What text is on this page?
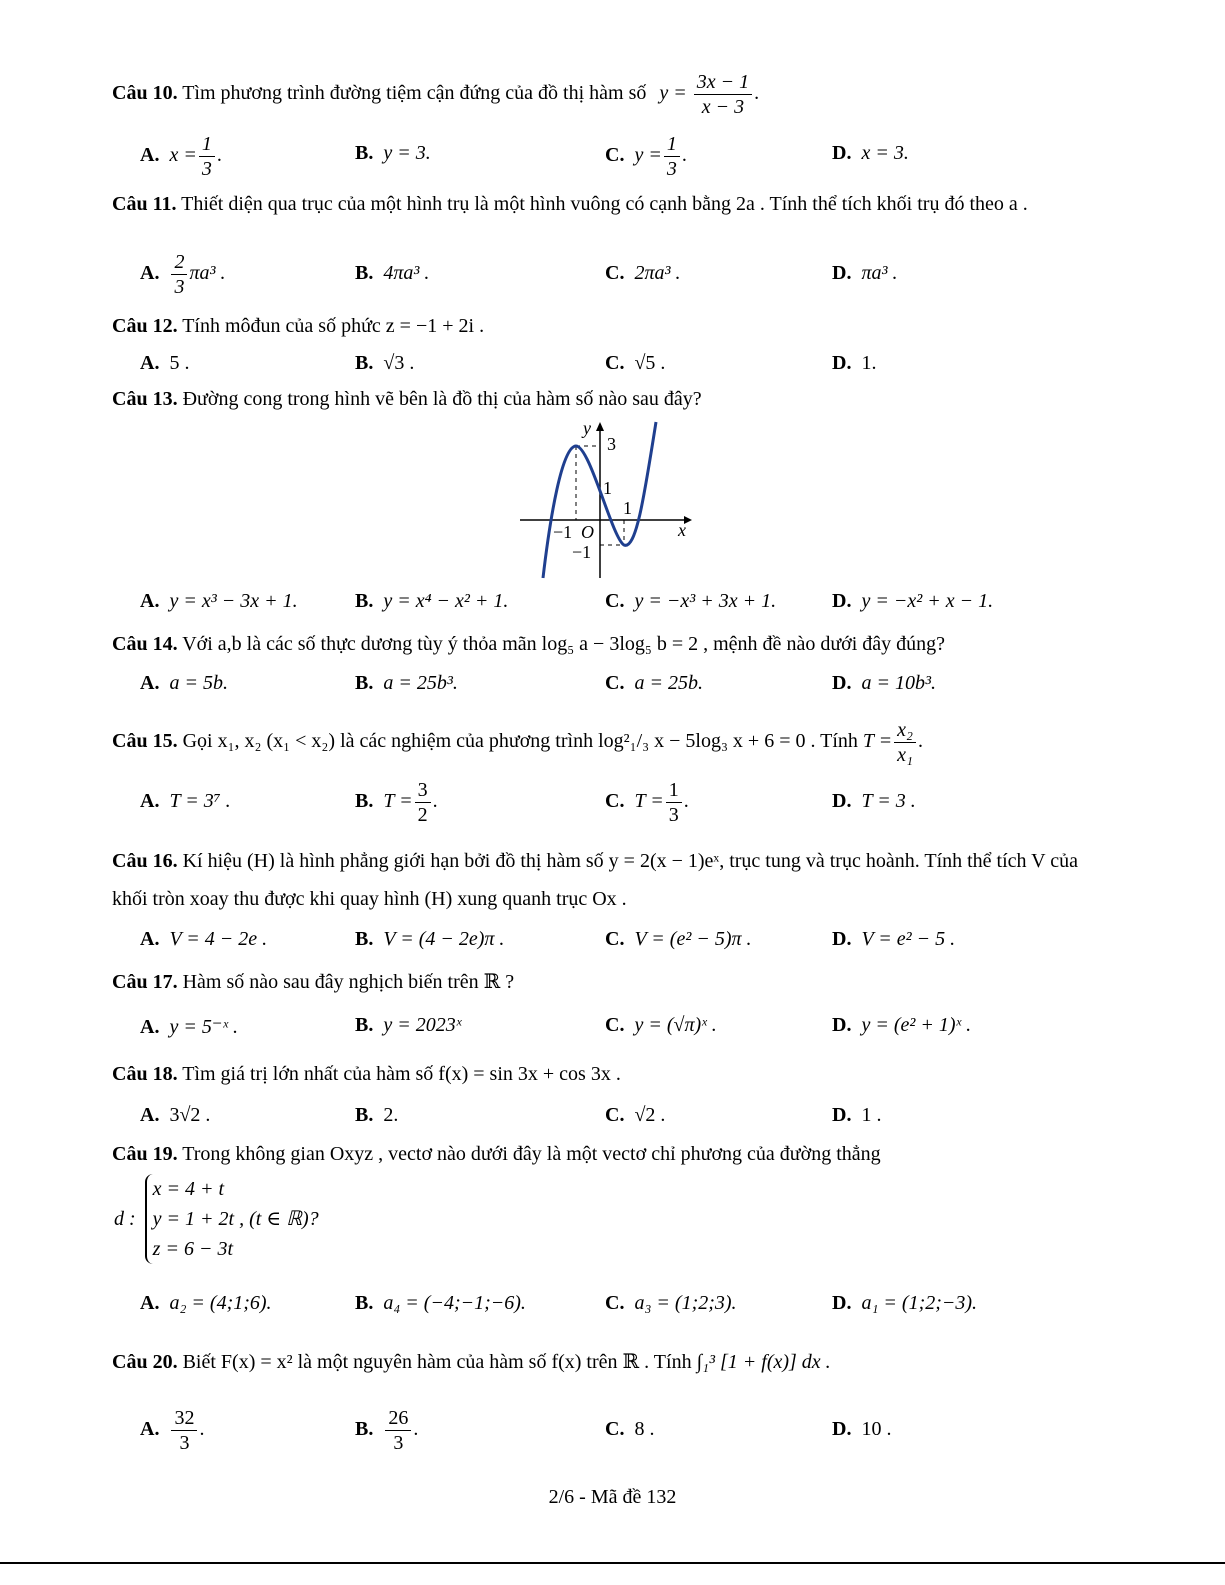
Câu 10. Tìm phương trình đường tiệm cận đứng của đồ thị hàm số $y = \frac{3x - 1}{x - 3}$ .
A. $x = \frac{1}{3}$ .	B. y = 3.	C. $y = \frac{1}{3}$ .	D. x = 3.
Câu 11. Thiết diện qua trục của một hình trụ là một hình vuông có cạnh bằng 2a . Tính thể tích khối trụ đó theo a .
A. $\frac{2}{3} \pi a^3$ .	B. 4πa³ .	C. 2πa³ .	D. πa³ .
Câu 12. Tính môđun của số phức z = −1 + 2i .
A. 5 .	B. √3 .	C. √5 .	D. 1.
Câu 13. Đường cong trong hình vẽ bên là đồ thị của hàm số nào sau đây?
y
3
1
1
−1 O
−1
x
A. y = x³ − 3x + 1.	B. y = x⁴ − x² + 1.	C. y = −x³ + 3x + 1.	D. y = −x² + x − 1.
Câu 14. Với a,b là các số thực dương tùy ý thỏa mãn log₅ a − 3log₅ b = 2 , mệnh đề nào dưới đây đúng?
A. a = 5b.	B. a = 25b³.	C. a = 25b.	D. a = 10b³.
Câu 15. Gọi x₁, x₂ (x₁ < x₂) là các nghiệm của phương trình log²₁/₃ x − 5log₃ x + 6 = 0 . Tính $T = \frac{\text{x₂}}{\text{x₁}}$ .
A. T = 3⁷ .	B. $T = \frac{3}{2}$ .	C. $T = \frac{1}{3}$ .	D. T = 3 .
Câu 16. Kí hiệu (H) là hình phẳng giới hạn bởi đồ thị hàm số y = 2(x − 1)eˣ, trục tung và trục hoành. Tính thể tích V của khối tròn xoay thu được khi quay hình (H) xung quanh trục Ox .
A. V = 4 − 2e .	B. V = (4 − 2e)π .	C. V = (e² − 5)π .	D. V = e² − 5 .
Câu 17. Hàm số nào sau đây nghịch biến trên ℝ ?
A. y = 5⁻ˣ .	B. y = 2023ˣ	C. y = (√π)ˣ .	D. y = (e² + 1)ˣ .
Câu 18. Tìm giá trị lớn nhất của hàm số f(x) = sin 3x + cos 3x .
A. 3√2 .	B. 2.	C. √2 .	D. 1 .
Câu 19. Trong không gian Oxyz , vectơ nào dưới đây là một vectơ chỉ phương của đường thẳng
d :
x = 4 + t
y = 1 + 2t , (t ∈ ℝ)?
z = 6 − 3t
A. a₂ = (4;1;6).	B. a₄ = (−4;−1;−6).	C. a₃ = (1;2;3).	D. a₁ = (1;2;−3).
Câu 20. Biết F(x) = x² là một nguyên hàm của hàm số f(x) trên ℝ . Tính ∫₁³ [1 + f(x)] dx .
A. $\frac{32}{3}$ .	B. $\frac{26}{3}$ .	C. 8 .	D. 10 .
2/6 - Mã đề 132
